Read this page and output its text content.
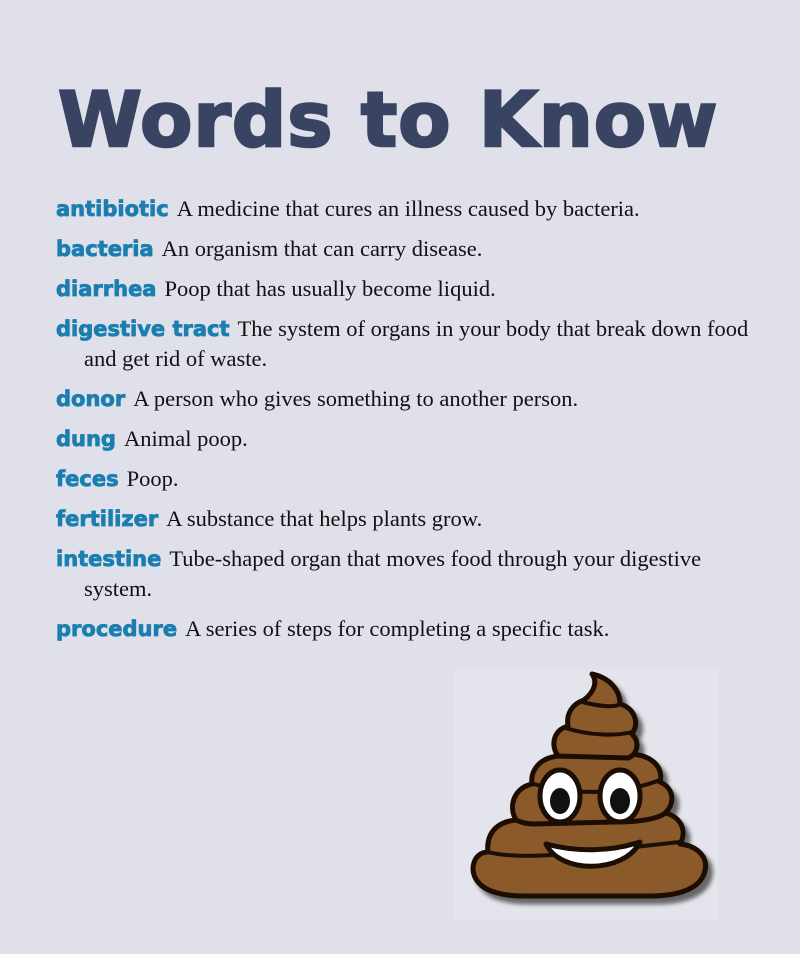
Words to Know
antibiotic A medicine that cures an illness caused by bacteria.
bacteria An organism that can carry disease.
diarrhea Poop that has usually become liquid.
digestive tract The system of organs in your body that break down food and get rid of waste.
donor A person who gives something to another person.
dung Animal poop.
feces Poop.
fertilizer A substance that helps plants grow.
intestine Tube-shaped organ that moves food through your digestive system.
procedure A series of steps for completing a specific task.
